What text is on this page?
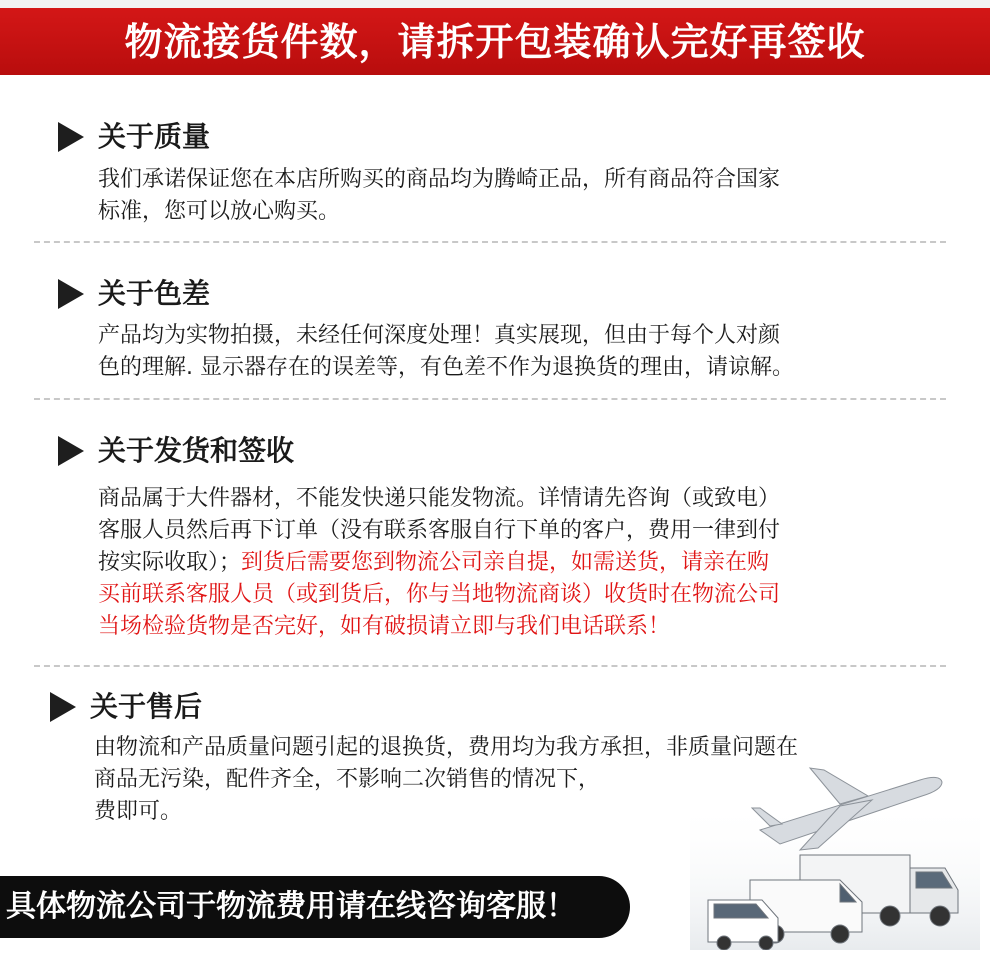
物流接货件数，请拆开包装确认完好再签收
关于质量
我们承诺保证您在本店所购买的商品均为腾崎正品，所有商品符合国家
标准，您可以放心购买。
关于色差
产品均为实物拍摄，未经任何深度处理！真实展现，但由于每个人对颜
色的理解. 显示器存在的误差等，有色差不作为退换货的理由，请谅解。
关于发货和签收
商品属于大件器材，不能发快递只能发物流。详情请先咨询（或致电）
客服人员然后再下订单（没有联系客服自行下单的客户，费用一律到付
按实际收取）；到货后需要您到物流公司亲自提，如需送货，请亲在购
买前联系客服人员（或到货后，你与当地物流商谈）收货时在物流公司
当场检验货物是否完好，如有破损请立即与我们电话联系！
关于售后
由物流和产品质量问题引起的退换货，费用均为我方承担，非质量问题在
商品无污染，配件齐全，不影响二次销售的情况下，
费即可。
具体物流公司于物流费用请在线咨询客服！
